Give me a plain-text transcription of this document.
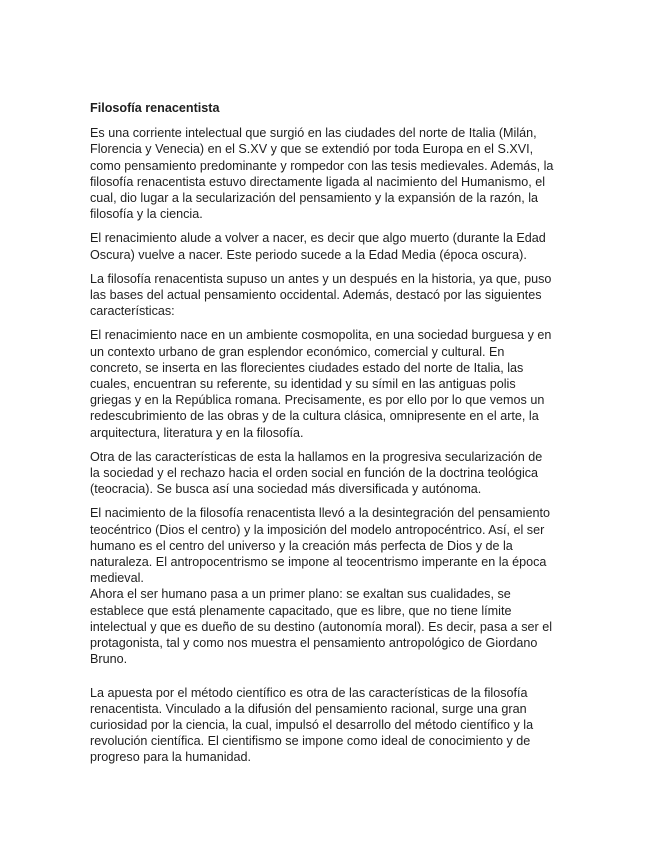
Filosofía renacentista
Es una corriente intelectual que surgió en las ciudades del norte de Italia (Milán,
Florencia y Venecia) en el S.XV y que se extendió por toda Europa en el S.XVI,
como pensamiento predominante y rompedor con las tesis medievales. Además, la
filosofía renacentista estuvo directamente ligada al nacimiento del Humanismo, el
cual, dio lugar a la secularización del pensamiento y la expansión de la razón, la
filosofía y la ciencia.
El renacimiento alude a volver a nacer, es decir que algo muerto (durante la Edad
Oscura) vuelve a nacer. Este periodo sucede a la Edad Media (época oscura).
La filosofía renacentista supuso un antes y un después en la historia, ya que, puso
las bases del actual pensamiento occidental. Además, destacó por las siguientes
características:
El renacimiento nace en un ambiente cosmopolita, en una sociedad burguesa y en
un contexto urbano de gran esplendor económico, comercial y cultural. En
concreto, se inserta en las florecientes ciudades estado del norte de Italia, las
cuales, encuentran su referente, su identidad y su símil en las antiguas polis
griegas y en la República romana. Precisamente, es por ello por lo que vemos un
redescubrimiento de las obras y de la cultura clásica, omnipresente en el arte, la
arquitectura, literatura y en la filosofía.
Otra de las características de esta la hallamos en la progresiva secularización de
la sociedad y el rechazo hacia el orden social en función de la doctrina teológica
(teocracia). Se busca así una sociedad más diversificada y autónoma.
El nacimiento de la filosofía renacentista llevó a la desintegración del pensamiento
teocéntrico (Dios el centro) y la imposición del modelo antropocéntrico. Así, el ser
humano es el centro del universo y la creación más perfecta de Dios y de la
naturaleza. El antropocentrismo se impone al teocentrismo imperante en la época
medieval.
Ahora el ser humano pasa a un primer plano: se exaltan sus cualidades, se
establece que está plenamente capacitado, que es libre, que no tiene límite
intelectual y que es dueño de su destino (autonomía moral). Es decir, pasa a ser el
protagonista, tal y como nos muestra el pensamiento antropológico de Giordano
Bruno.
La apuesta por el método científico es otra de las características de la filosofía
renacentista. Vinculado a la difusión del pensamiento racional, surge una gran
curiosidad por la ciencia, la cual, impulsó el desarrollo del método científico y la
revolución científica. El cientifismo se impone como ideal de conocimiento y de
progreso para la humanidad.
